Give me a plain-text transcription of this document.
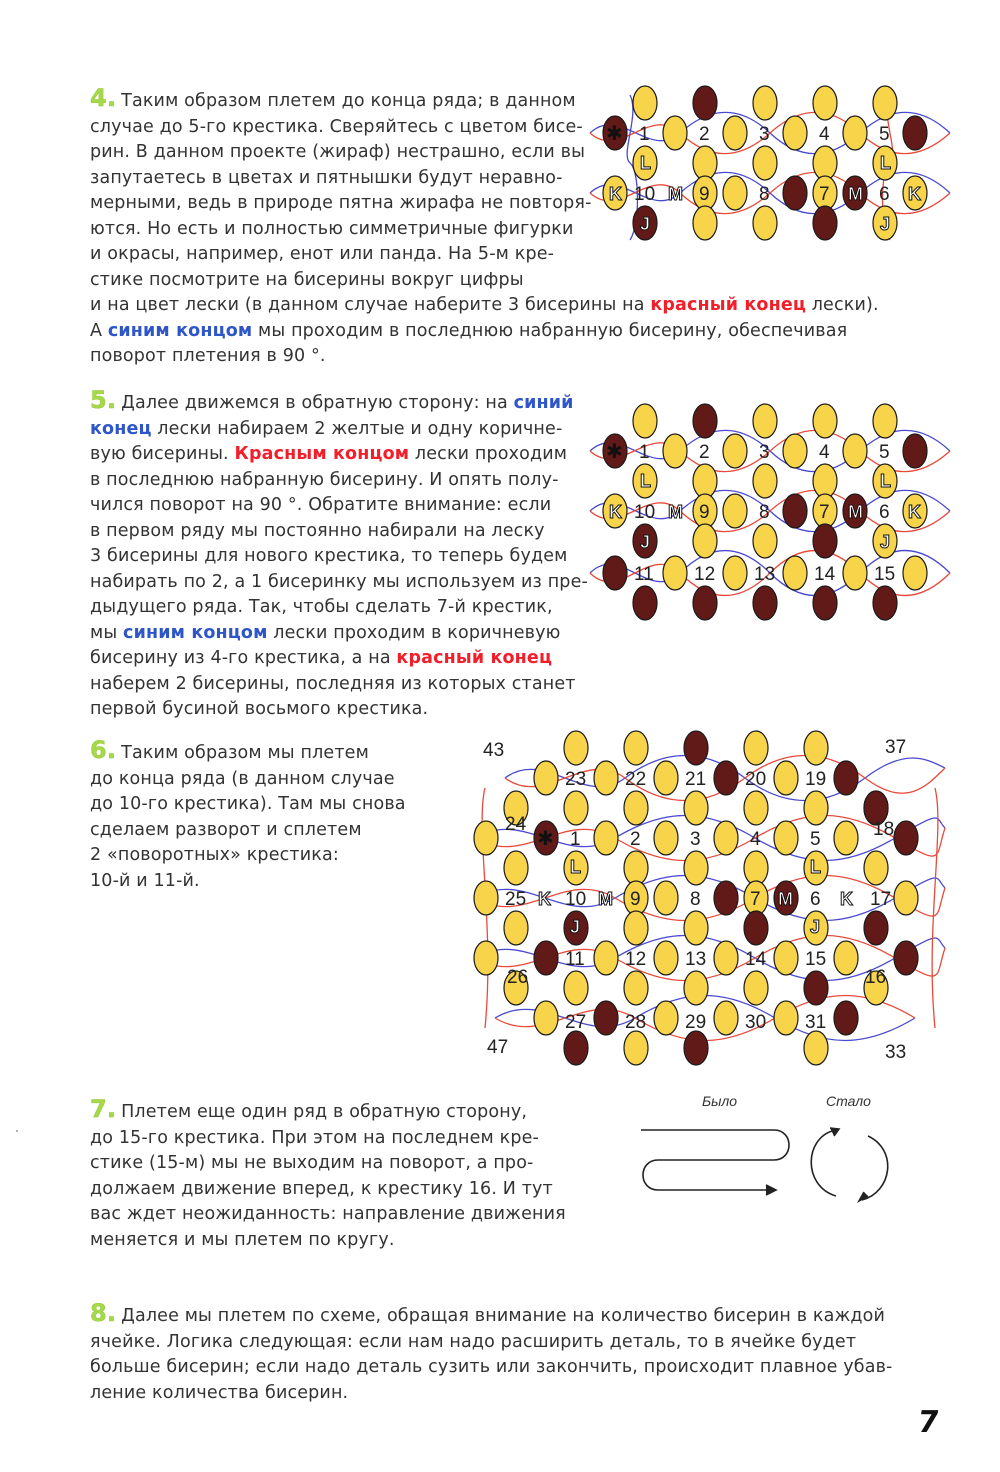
4. Таким образом плетем до конца ряда; в данном
случае до 5-го крестика. Сверяйтесь с цветом бисе-
рин. В данном проекте (жираф) нестрашно, если вы
запутаетесь в цветах и пятнышки будут неравно-
мерными, ведь в природе пятна жирафа не повторя-
ются. Но есть и полностью симметричные фигурки
и окрасы, например, енот или панда. На 5-м кре-
стике посмотрите на бисерины вокруг цифры
и на цвет лески (в данном случае наберите 3 бисерины на красный конец лески).
А синим концом мы проходим в последнюю набранную бисерину, обеспечивая
поворот плетения в 90 °.
5. Далее движемся в обратную сторону: на синий
конец лески набираем 2 желтые и одну коричне-
вую бисерины. Красным концом лески проходим
в последнюю набранную бисерину. И опять полу-
чился поворот на 90 °. Обратите внимание: если
в первом ряду мы постоянно набирали на леску
3 бисерины для нового крестика, то теперь будем
набирать по 2, а 1 бисеринку мы используем из пре-
дыдущего ряда. Так, чтобы сделать 7-й крестик,
мы синим концом лески проходим в коричневую
бисерину из 4-го крестика, а на красный конец
наберем 2 бисерины, последняя из которых станет
первой бусиной восьмого крестика.
6. Таким образом мы плетем
до конца ряда (в данном случае
до 10-го крестика). Там мы снова
сделаем разворот и сплетем
2 «поворотных» крестика:
10-й и 11-й.
7. Плетем еще один ряд в обратную сторону,
до 15-го крестика. При этом на последнем кре-
стике (15-м) мы не выходим на поворот, а про-
должаем движение вперед, к крестику 16. И тут
вас ждет неожиданность: направление движения
меняется и мы плетем по кругу.
8. Далее мы плетем по схеме, обращая внимание на количество бисерин в каждой
ячейке. Логика следующая: если нам надо расширить деталь, то в ячейке будет
больше бисерин; если надо деталь сузить или закончить, происходит плавное убав-
ление количества бисерин.
1	2	3	4	5
10 9	8	7	6
L	L
K	K
M	M
J	J
✱
1	2	3	4	5
10 9	8	7	6
11 12 13 14 15
L	L
K	K
M	M
J	J
✱
23 22 21 20 19
1	2	3	4	5
25 10 9	8	7	6	17
11 12 13 14 15
27 28 29 30 31
43	37
24	18
26	16
47	33
L	L
K	K
M	M
J	J
✱
Было	Стало
7
